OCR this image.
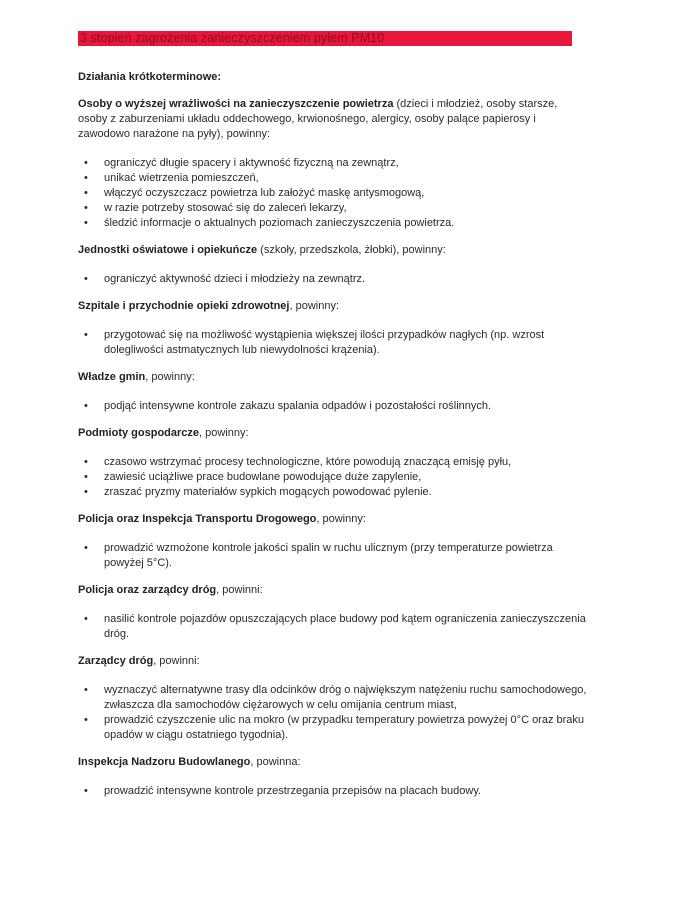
3 stopień zagrożenia zanieczyszczeniem pyłem PM10
Działania krótkoterminowe:

Osoby o wyższej wrażliwości na zanieczyszczenie powietrza (dzieci i młodzież, osoby starsze, osoby z zaburzeniami układu oddechowego, krwionośnego, alergicy, osoby palące papierosy i zawodowo narażone na pyły), powinny:

• ograniczyć długie spacery i aktywność fizyczną na zewnątrz,
• unikać wietrzenia pomieszczeń,
• włączyć oczyszczacz powietrza lub założyć maskę antysmogową,
• w razie potrzeby stosować się do zaleceń lekarzy,
• śledzić informacje o aktualnych poziomach zanieczyszczenia powietrza.

Jednostki oświatowe i opiekuńcze (szkoły, przedszkola, żłobki), powinny:

• ograniczyć aktywność dzieci i młodzieży na zewnątrz.

Szpitale i przychodnie opieki zdrowotnej, powinny:

• przygotować się na możliwość wystąpienia większej ilości przypadków nagłych (np. wzrost dolegliwości astmatycznych lub niewydolności krążenia).

Władze gmin, powinny:

• podjąć intensywne kontrole zakazu spalania odpadów i pozostałości roślinnych.

Podmioty gospodarcze, powinny:

• czasowo wstrzymać procesy technologiczne, które powodują znaczącą emisję pyłu,
• zawiesić uciążliwe prace budowlane powodujące duże zapylenie,
• zraszać pryzmy materiałów sypkich mogących powodować pylenie.

Policja oraz Inspekcja Transportu Drogowego, powinny:

• prowadzić wzmożone kontrole jakości spalin w ruchu ulicznym (przy temperaturze powietrza powyżej 5°C).

Policja oraz zarządcy dróg, powinni:

• nasilić kontrole pojazdów opuszczających place budowy pod kątem ograniczenia zanieczyszczenia dróg.

Zarządcy dróg, powinni:

• wyznaczyć alternatywne trasy dla odcinków dróg o największym natężeniu ruchu samochodowego, zwłaszcza dla samochodów ciężarowych w celu omijania centrum miast,
• prowadzić czyszczenie ulic na mokro (w przypadku temperatury powietrza powyżej 0°C oraz braku opadów w ciągu ostatniego tygodnia).

Inspekcja Nadzoru Budowlanego, powinna:

• prowadzić intensywne kontrole przestrzegania przepisów na placach budowy.
